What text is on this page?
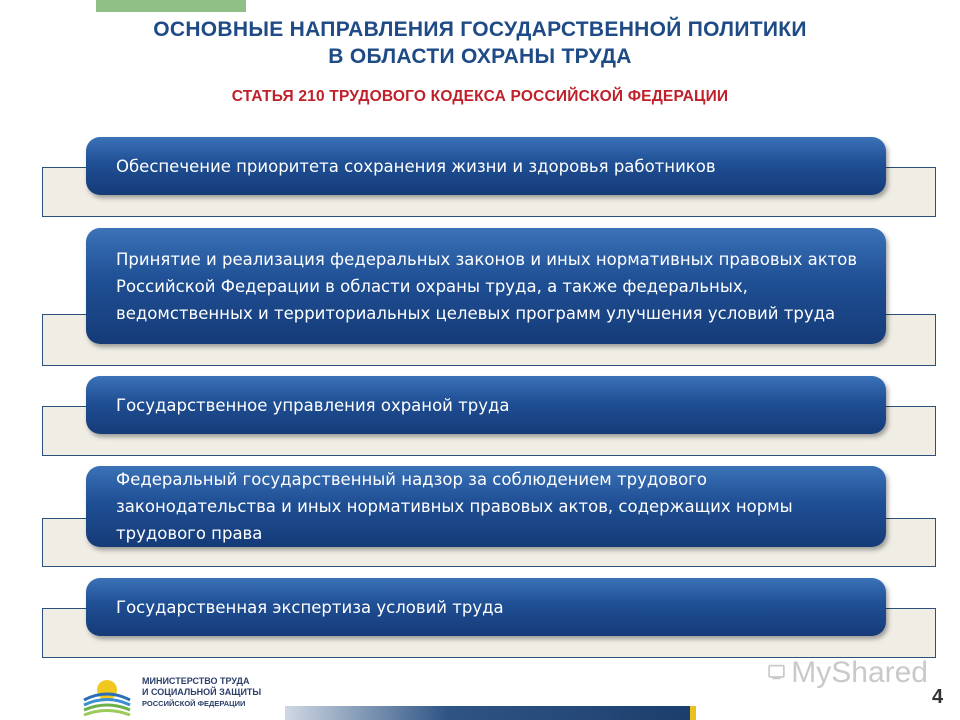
ОСНОВНЫЕ НАПРАВЛЕНИЯ ГОСУДАРСТВЕННОЙ ПОЛИТИКИ
В ОБЛАСТИ ОХРАНЫ ТРУДА
СТАТЬЯ 210 ТРУДОВОГО КОДЕКСА РОССИЙСКОЙ ФЕДЕРАЦИИ
Обеспечение приоритета сохранения жизни и здоровья работников
Принятие и реализация федеральных законов и иных нормативных правовых актов Российской Федерации в области охраны труда, а также федеральных, ведомственных и территориальных целевых программ улучшения условий труда
Государственное управления охраной труда
Федеральный государственный надзор за соблюдением трудового законодательства и иных нормативных правовых актов, содержащих нормы трудового права
Государственная экспертиза условий труда
МИНИСТЕРСТВО ТРУДА
И СОЦИАЛЬНОЙ ЗАЩИТЫ
РОССИЙСКОЙ ФЕДЕРАЦИИ
MyShared
4
